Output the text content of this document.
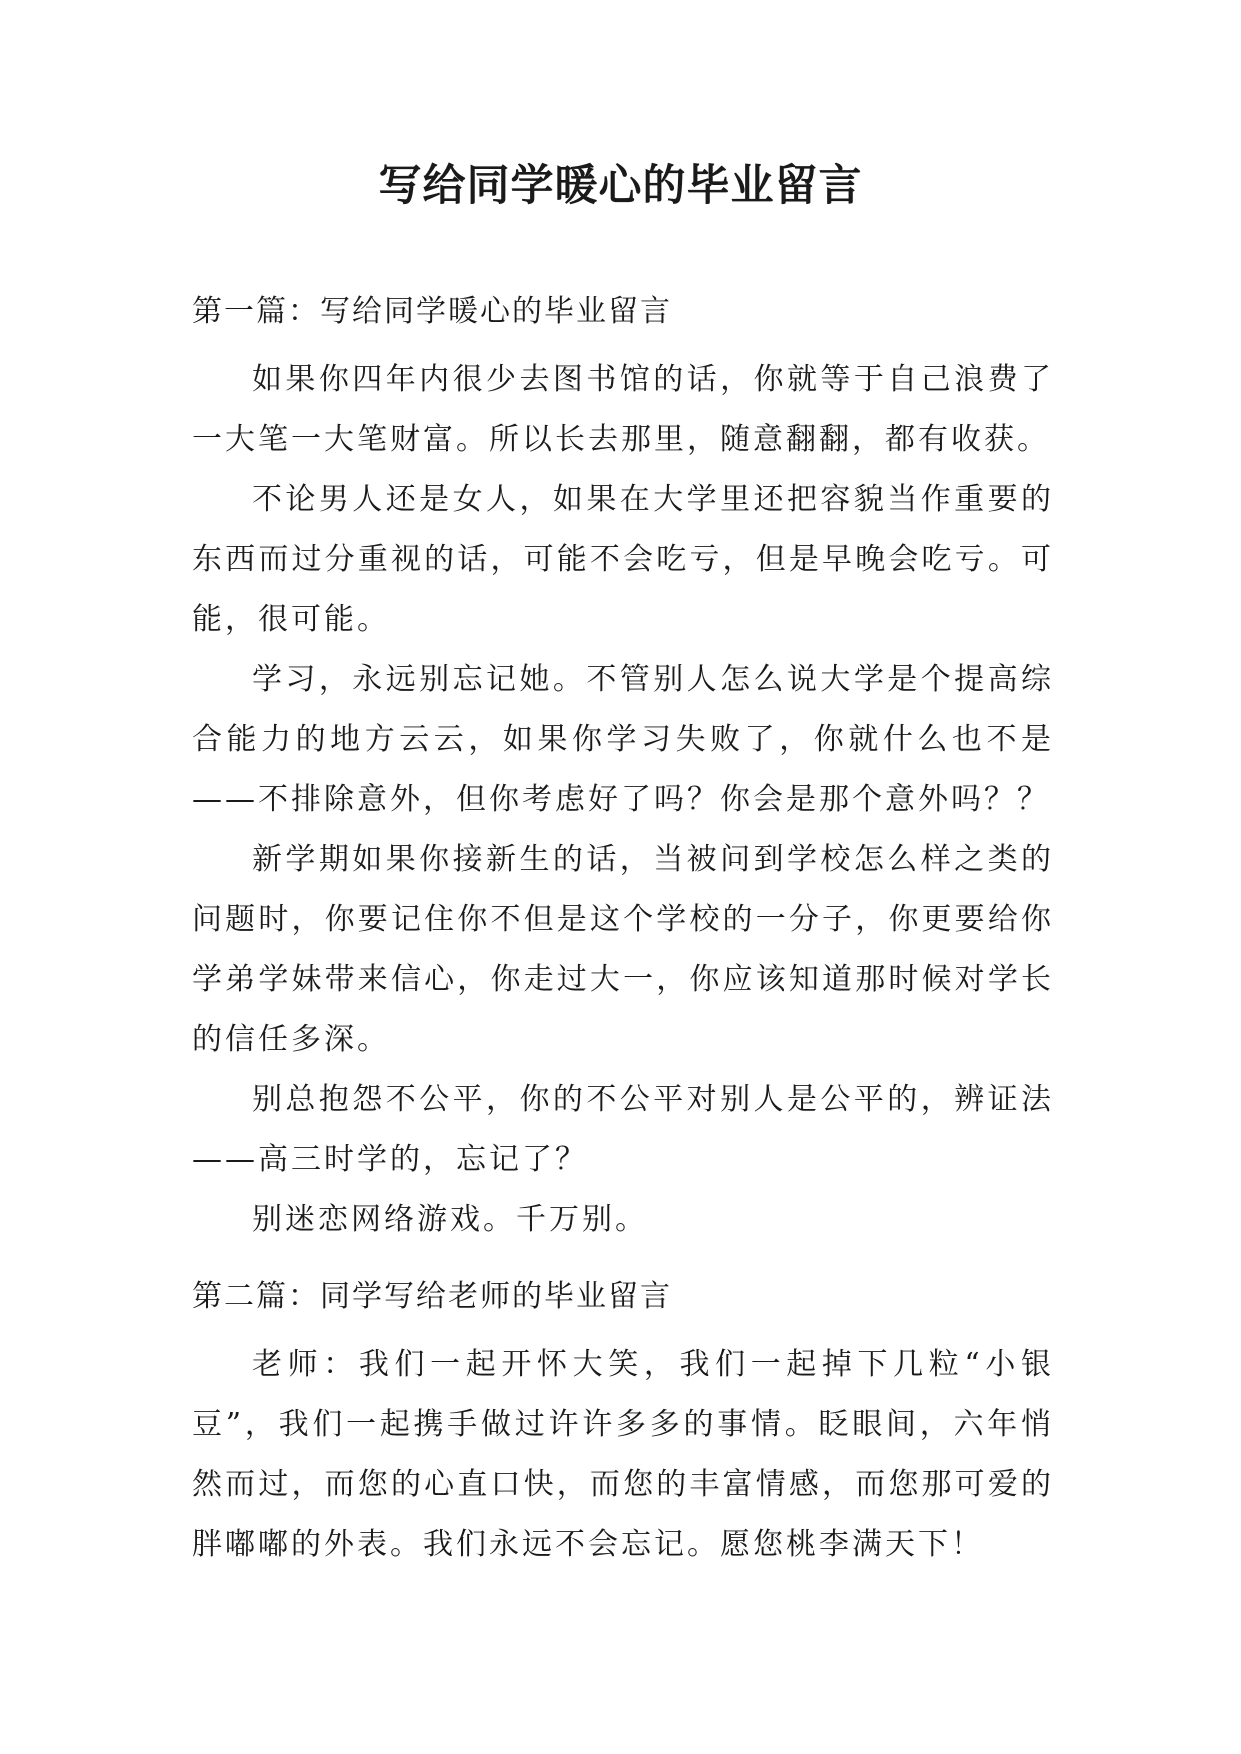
写给同学暖心的毕业留言

第一篇：写给同学暖心的毕业留言

如果你四年内很少去图书馆的话，你就等于自己浪费了一大笔一大笔财富。所以长去那里，随意翻翻，都有收获。

不论男人还是女人，如果在大学里还把容貌当作重要的东西而过分重视的话，可能不会吃亏，但是早晚会吃亏。可能，很可能。

学习，永远别忘记她。不管别人怎么说大学是个提高综合能力的地方云云，如果你学习失败了，你就什么也不是——不排除意外，但你考虑好了吗？你会是那个意外吗？？

新学期如果你接新生的话，当被问到学校怎么样之类的问题时，你要记住你不但是这个学校的一分子，你更要给你学弟学妹带来信心，你走过大一，你应该知道那时候对学长的信任多深。

别总抱怨不公平，你的不公平对别人是公平的，辨证法——高三时学的，忘记了？

别迷恋网络游戏。千万别。

第二篇：同学写给老师的毕业留言

老师：我们一起开怀大笑，我们一起掉下几粒“小银豆”，我们一起携手做过许许多多的事情。眨眼间，六年悄然而过，而您的心直口快，而您的丰富情感，而您那可爱的胖嘟嘟的外表。我们永远不会忘记。愿您桃李满天下！
